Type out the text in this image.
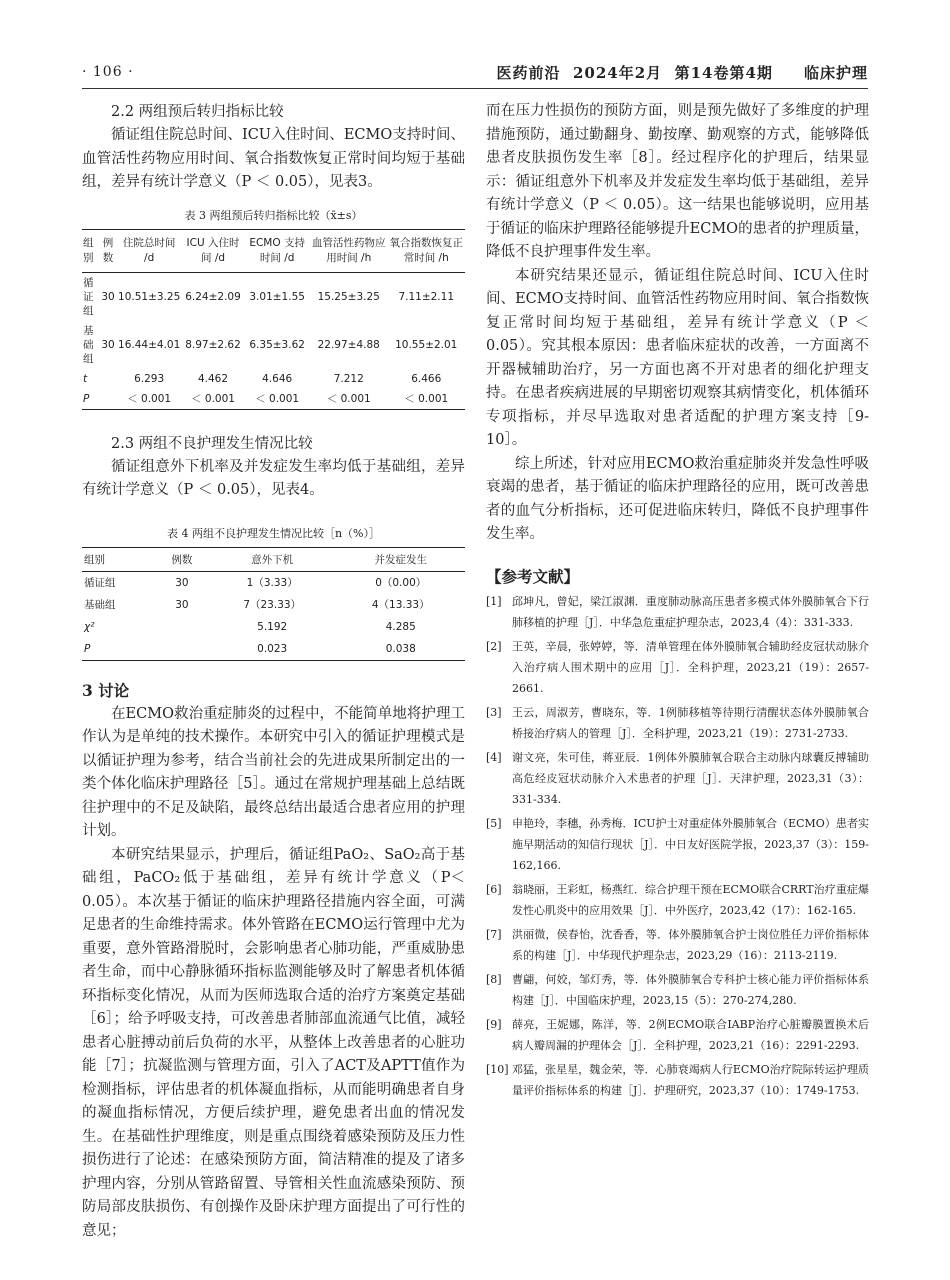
· 106 ·	医药前沿  2024年2月  第14卷第4期     临床护理

2.2 两组预后转归指标比较

循证组住院总时间、ICU入住时间、ECMO支持时间、血管活性药物应用时间、氧合指数恢复正常时间均短于基础组，差异有统计学意义（P ＜ 0.05），见表3。

表 3 两组预后转归指标比较（x̄±s）
组别	例数	住院总时间 /d	ICU 入住时间 /d	ECMO 支持时间 /d	血管活性药物应用时间 /h	氧合指数恢复正常时间 /h
循证组	30	10.51±3.25	6.24±2.09	3.01±1.55	15.25±3.25	7.11±2.11
基础组	30	16.44±4.01	8.97±2.62	6.35±3.62	22.97±4.88	10.55±2.01
t		6.293	4.462	4.646	7.212	6.466
P		＜ 0.001	＜ 0.001	＜ 0.001	＜ 0.001	＜ 0.001

2.3 两组不良护理发生情况比较

循证组意外下机率及并发症发生率均低于基础组，差异有统计学意义（P ＜ 0.05），见表4。

表 4 两组不良护理发生情况比较［n（%）］
组别	例数	意外下机	并发症发生
循证组	30	1（3.33）	0（0.00）
基础组	30	7（23.33）	4（13.33）
χ²		5.192	4.285
P		0.023	0.038
3 讨论

在ECMO救治重症肺炎的过程中，不能简单地将护理工作认为是单纯的技术操作。本研究中引入的循证护理模式是以循证护理为参考，结合当前社会的先进成果所制定出的一类个体化临床护理路径［5］。通过在常规护理基础上总结既往护理中的不足及缺陷，最终总结出最适合患者应用的护理计划。

本研究结果显示，护理后，循证组PaO₂、SaO₂高于基础组，PaCO₂低于基础组，差异有统计学意义（P＜0.05）。本次基于循证的临床护理路径措施内容全面，可满足患者的生命维持需求。体外管路在ECMO运行管理中尤为重要，意外管路滑脱时，会影响患者心肺功能，严重威胁患者生命，而中心静脉循环指标监测能够及时了解患者机体循环指标变化情况，从而为医师选取合适的治疗方案奠定基础［6］；给予呼吸支持，可改善患者肺部血流通气比值，减轻患者心脏搏动前后负荷的水平，从整体上改善患者的心脏功能［7］；抗凝监测与管理方面，引入了ACT及APTT值作为检测指标，评估患者的机体凝血指标，从而能明确患者自身的凝血指标情况，方便后续护理，避免患者出血的情况发生。在基础性护理维度，则是重点围绕着感染预防及压力性损伤进行了论述：在感染预防方面，简洁精准的提及了诸多护理内容，分别从管路留置、导管相关性血流感染预防、预防局部皮肤损伤、有创操作及卧床护理方面提出了可行性的意见；

而在压力性损伤的预防方面，则是预先做好了多维度的护理措施预防，通过勤翻身、勤按摩、勤观察的方式，能够降低患者皮肤损伤发生率［8］。经过程序化的护理后，结果显示：循证组意外下机率及并发症发生率均低于基础组，差异有统计学意义（P ＜ 0.05）。这一结果也能够说明，应用基于循证的临床护理路径能够提升ECMO的患者的护理质量，降低不良护理事件发生率。

本研究结果还显示，循证组住院总时间、ICU入住时间、ECMO支持时间、血管活性药物应用时间、氧合指数恢复正常时间均短于基础组，差异有统计学意义（P ＜ 0.05）。究其根本原因：患者临床症状的改善，一方面离不开器械辅助治疗，另一方面也离不开对患者的细化护理支持。在患者疾病进展的早期密切观察其病情变化，机体循环专项指标，并尽早选取对患者适配的护理方案支持［9-10］。

综上所述，针对应用ECMO救治重症肺炎并发急性呼吸衰竭的患者，基于循证的临床护理路径的应用，既可改善患者的血气分析指标，还可促进临床转归，降低不良护理事件发生率。

【参考文献】
[1] 邱坤凡，曾妃，梁江淑渊．重度肺动脉高压患者多模式体外膜肺氧合下行肺移植的护理［J］．中华急危重症护理杂志，2023,4（4）：331-333.
[2] 王英，辛晨，张婷婷，等．清单管理在体外膜肺氧合辅助经皮冠状动脉介入治疗病人围术期中的应用［J］．全科护理，2023,21（19）：2657-2661.
[3] 王云，周淑芳，曹晓东，等．1例肺移植等待期行清醒状态体外膜肺氧合桥接治疗病人的管理［J］．全科护理，2023,21（19）：2731-2733.
[4] 谢文亮，朱可佳，蒋亚辰．1例体外膜肺氧合联合主动脉内球囊反搏辅助高危经皮冠状动脉介入术患者的护理［J］．天津护理，2023,31（3）：331-334.
[5] 申艳玲，李穗，孙秀梅．ICU护士对重症体外膜肺氧合（ECMO）患者实施早期活动的知信行现状［J］．中日友好医院学报，2023,37（3）：159-162,166.
[6] 翁晓丽，王彩虹，杨燕红．综合护理干预在ECMO联合CRRT治疗重症爆发性心肌炎中的应用效果［J］．中外医疗，2023,42（17）：162-165.
[7] 洪丽微，侯春怡，沈香香，等．体外膜肺氧合护士岗位胜任力评价指标体系的构建［J］．中华现代护理杂志，2023,29（16）：2113-2119.
[8] 曹翩，何姣，邹灯秀，等．体外膜肺氧合专科护士核心能力评价指标体系构建［J］．中国临床护理，2023,15（5）：270-274,280.
[9] 薛亮，王妮娜，陈洋，等．2例ECMO联合IABP治疗心脏瓣膜置换术后病人瓣周漏的护理体会［J］．全科护理，2023,21（16）：2291-2293.
[10] 邓猛，张星星，魏金荣，等．心肺衰竭病人行ECMO治疗院际转运护理质量评价指标体系的构建［J］．护理研究，2023,37（10）：1749-1753.
